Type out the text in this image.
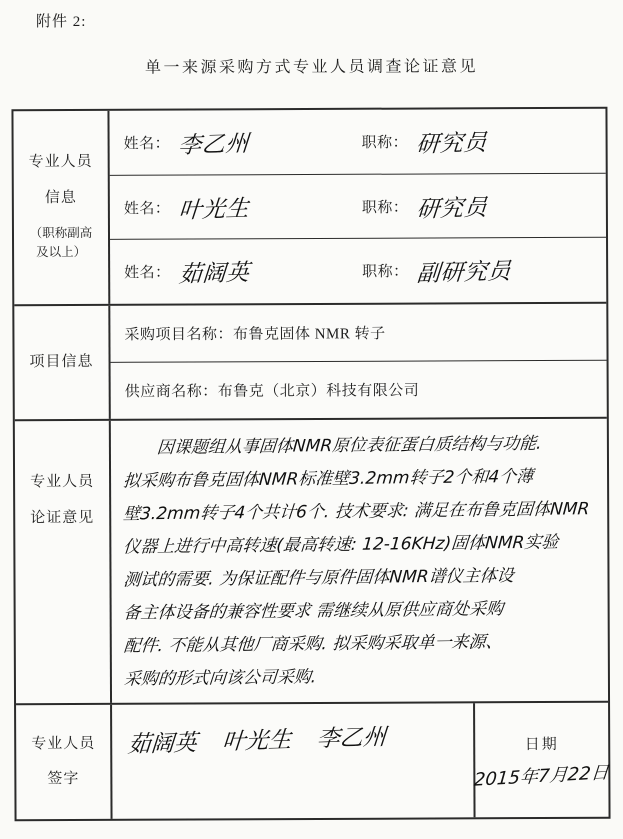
附件 2:
单一来源采购方式专业人员调查论证意见
专业人员
信息
（职称副高
及以上）
姓名： 李乙州	职称： 研究员
姓名： 叶光生	职称： 研究员
姓名： 茹阔英	职称： 副研究员
项目信息
采购项目名称：布鲁克固体 NMR 转子
供应商名称：布鲁克（北京）科技有限公司
专业人员
论证意见
因课题组从事固体NMR原位表征蛋白质结构与功能.
拟采购布鲁克固体NMR标准壁3.2mm转子2个和4个薄
壁3.2mm转子4个共计6个. 技术要求: 满足在布鲁克固体NMR
仪器上进行中高转速(最高转速: 12-16KHz)固体NMR实验
测试的需要. 为保证配件与原件固体NMR谱仪主体设
备主体设备的兼容性要求 需继续从原供应商处采购
配件. 不能从其他厂商采购. 拟采购采取单一来源、
采购的形式向该公司采购.
专业人员
签字
茹阔英 叶光生 李乙州	日期
2015年7月22日
